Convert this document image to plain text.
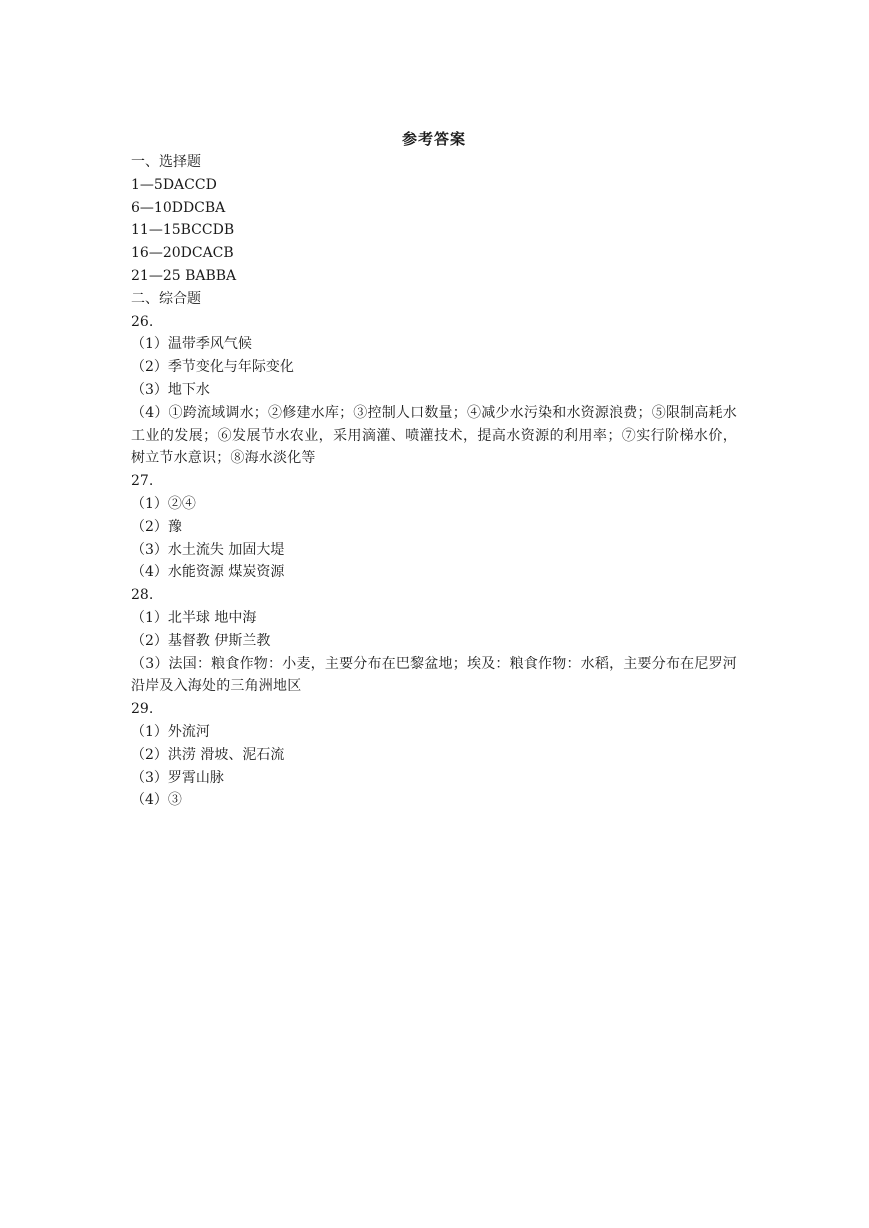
参考答案
一、选择题
1—5DACCD
6—10DDCBA
11—15BCCDB
16—20DCACB
21—25 BABBA
二、综合题
26.
（1）温带季风气候
（2）季节变化与年际变化
（3）地下水
（4）①跨流域调水；②修建水库；③控制人口数量；④减少水污染和水资源浪费；⑤限制高耗水工业的发展；⑥发展节水农业，采用滴灌、喷灌技术，提高水资源的利用率；⑦实行阶梯水价，树立节水意识；⑧海水淡化等
27.
（1）②④
（2）豫
（3）水土流失 加固大堤
（4）水能资源 煤炭资源
28.
（1）北半球 地中海
（2）基督教 伊斯兰教
（3）法国：粮食作物：小麦，主要分布在巴黎盆地；埃及：粮食作物：水稻，主要分布在尼罗河沿岸及入海处的三角洲地区
29.
（1）外流河
（2）洪涝 滑坡、泥石流
（3）罗霄山脉
（4）③
